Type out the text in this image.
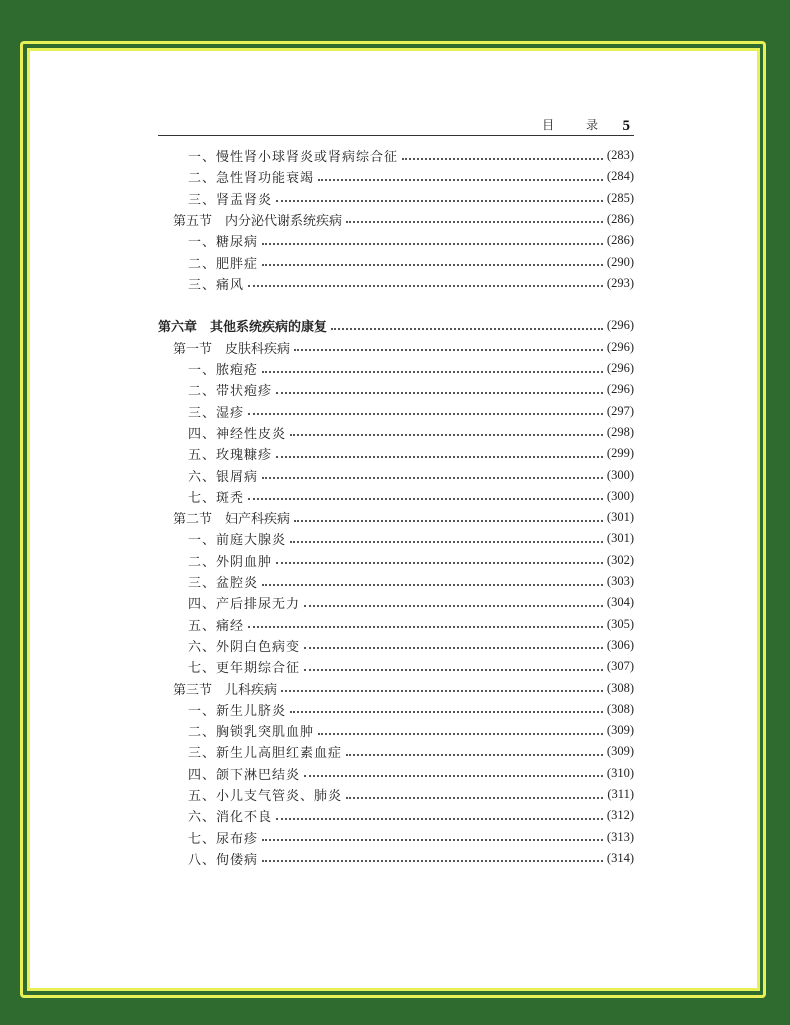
目 录 5
一、慢性肾小球肾炎或肾病综合征	(283)
二、急性肾功能衰竭	(284)
三、肾盂肾炎	(285)
第五节　内分泌代谢系统疾病	(286)
一、糖尿病	(286)
二、肥胖症	(290)
三、痛风	(293)
第六章　其他系统疾病的康复	(296)
第一节　皮肤科疾病	(296)
一、脓疱疮	(296)
二、带状疱疹	(296)
三、湿疹	(297)
四、神经性皮炎	(298)
五、玫瑰糠疹	(299)
六、银屑病	(300)
七、斑秃	(300)
第二节　妇产科疾病	(301)
一、前庭大腺炎	(301)
二、外阴血肿	(302)
三、盆腔炎	(303)
四、产后排尿无力	(304)
五、痛经	(305)
六、外阴白色病变	(306)
七、更年期综合征	(307)
第三节　儿科疾病	(308)
一、新生儿脐炎	(308)
二、胸锁乳突肌血肿	(309)
三、新生儿高胆红素血症	(309)
四、颌下淋巴结炎	(310)
五、小儿支气管炎、肺炎	(311)
六、消化不良	(312)
七、尿布疹	(313)
八、佝偻病	(314)
